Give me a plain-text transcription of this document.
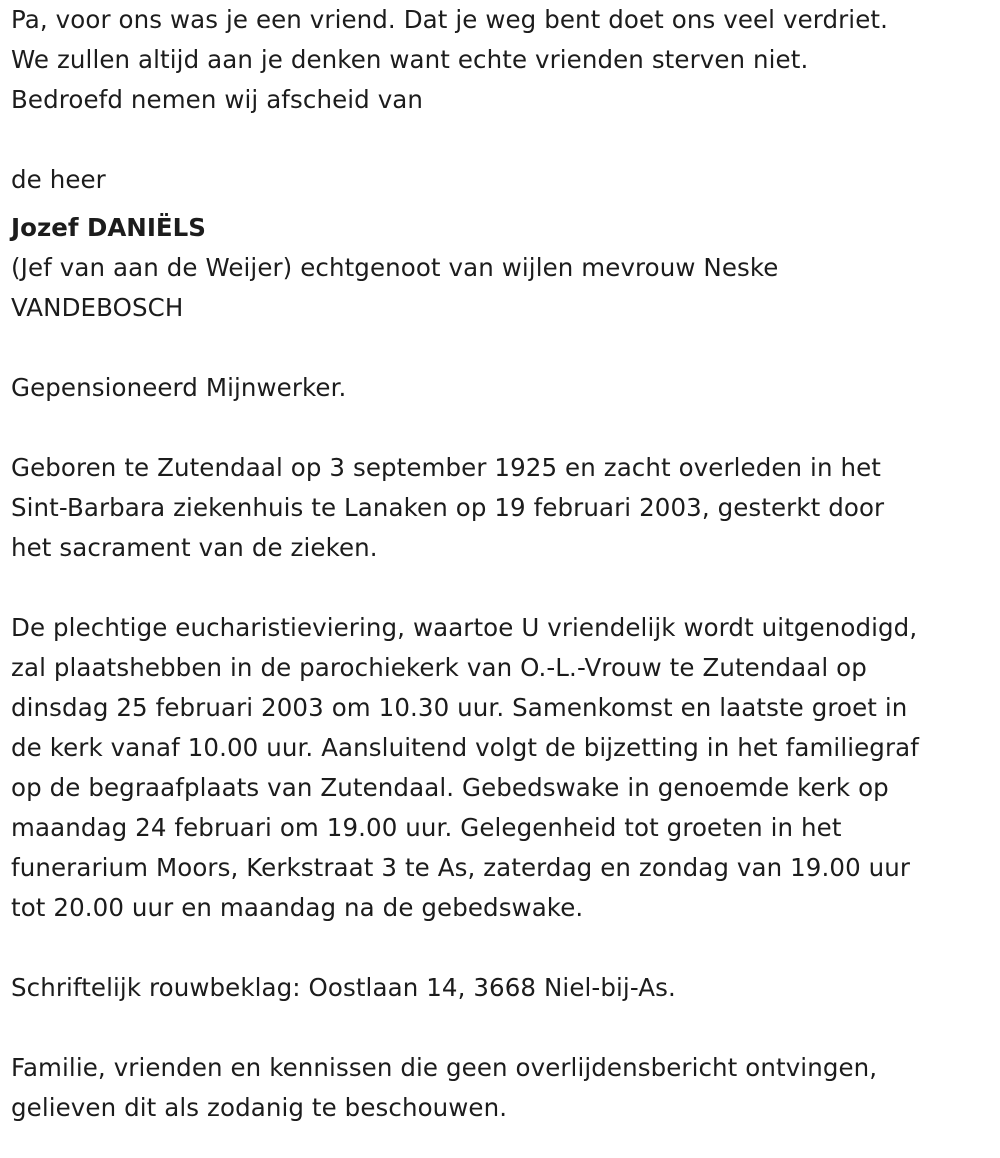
Pa, voor ons was je een vriend. Dat je weg bent doet ons veel verdriet.
We zullen altijd aan je denken want echte vrienden sterven niet.
Bedroefd nemen wij afscheid van
de heer
Jozef DANIËLS
(Jef van aan de Weijer) echtgenoot van wijlen mevrouw Neske
VANDEBOSCH
Gepensioneerd Mijnwerker.
Geboren te Zutendaal op 3 september 1925 en zacht overleden in het
Sint-Barbara ziekenhuis te Lanaken op 19 februari 2003, gesterkt door
het sacrament van de zieken.
De plechtige eucharistieviering, waartoe U vriendelijk wordt uitgenodigd,
zal plaatshebben in de parochiekerk van O.-L.-Vrouw te Zutendaal op
dinsdag 25 februari 2003 om 10.30 uur. Samenkomst en laatste groet in
de kerk vanaf 10.00 uur. Aansluitend volgt de bijzetting in het familiegraf
op de begraafplaats van Zutendaal. Gebedswake in genoemde kerk op
maandag 24 februari om 19.00 uur. Gelegenheid tot groeten in het
funerarium Moors, Kerkstraat 3 te As, zaterdag en zondag van 19.00 uur
tot 20.00 uur en maandag na de gebedswake.
Schriftelijk rouwbeklag: Oostlaan 14, 3668 Niel-bij-As.
Familie, vrienden en kennissen die geen overlijdensbericht ontvingen,
gelieven dit als zodanig te beschouwen.
